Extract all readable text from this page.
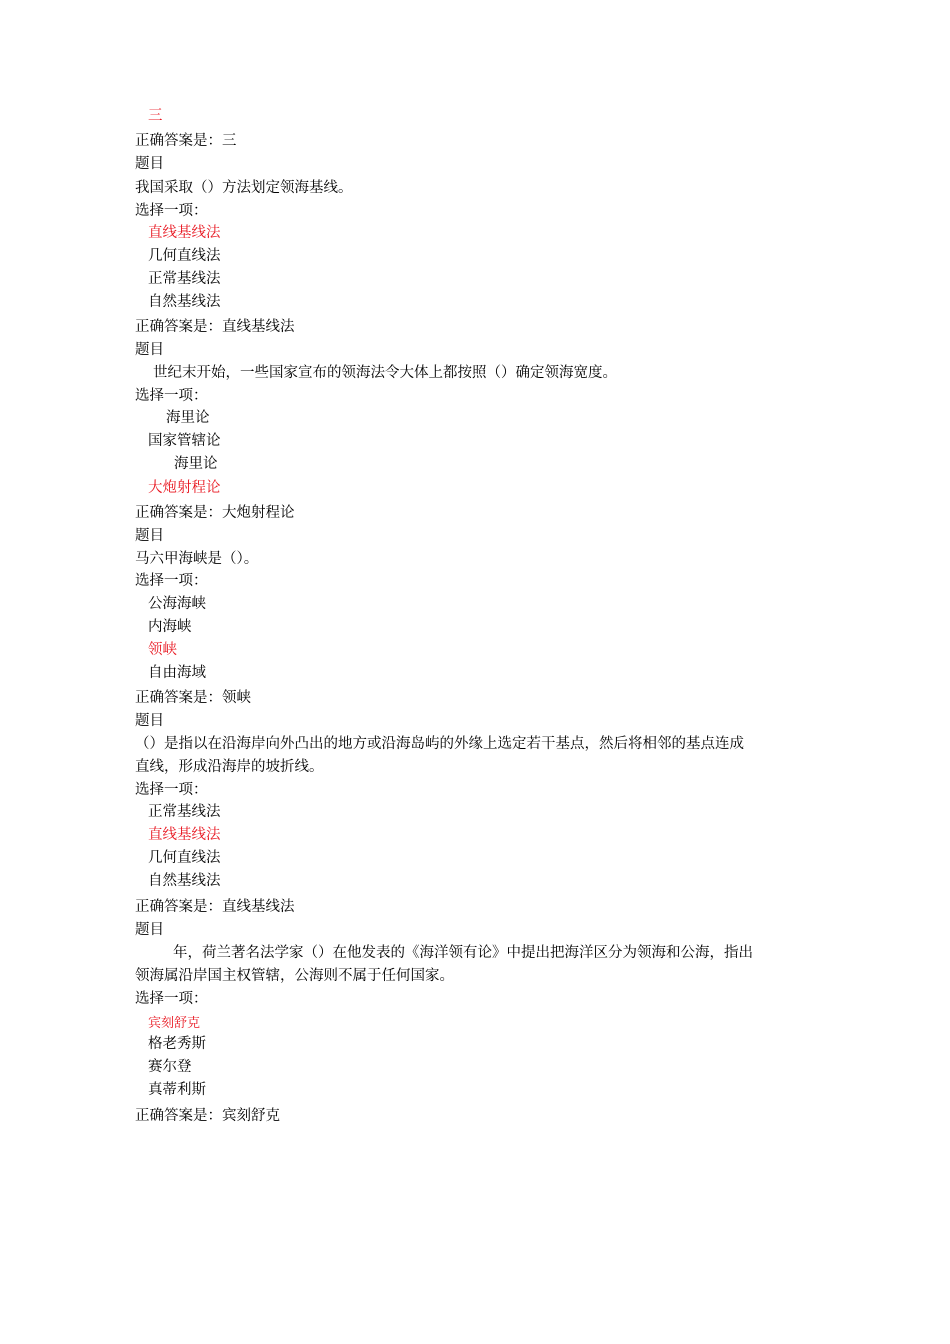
三
正确答案是：三
题目
我国采取（）方法划定领海基线。
选择一项：
直线基线法
几何直线法
正常基线法
自然基线法
正确答案是：直线基线法
题目
世纪末开始，一些国家宣布的领海法令大体上都按照（）确定领海宽度。
选择一项：
海里论
国家管辖论
海里论
大炮射程论
正确答案是：大炮射程论
题目
马六甲海峡是（）。
选择一项：
公海海峡
内海峡
领峡
自由海域
正确答案是：领峡
题目
（）是指以在沿海岸向外凸出的地方或沿海岛屿的外缘上选定若干基点，然后将相邻的基点连成直线，形成沿海岸的坡折线。
选择一项：
正常基线法
直线基线法
几何直线法
自然基线法
正确答案是：直线基线法
题目
年，荷兰著名法学家（）在他发表的《海洋领有论》中提出把海洋区分为领海和公海，指出领海属沿岸国主权管辖，公海则不属于任何国家。
选择一项：
宾刻舒克
格老秀斯
赛尔登
真蒂利斯
正确答案是：宾刻舒克
